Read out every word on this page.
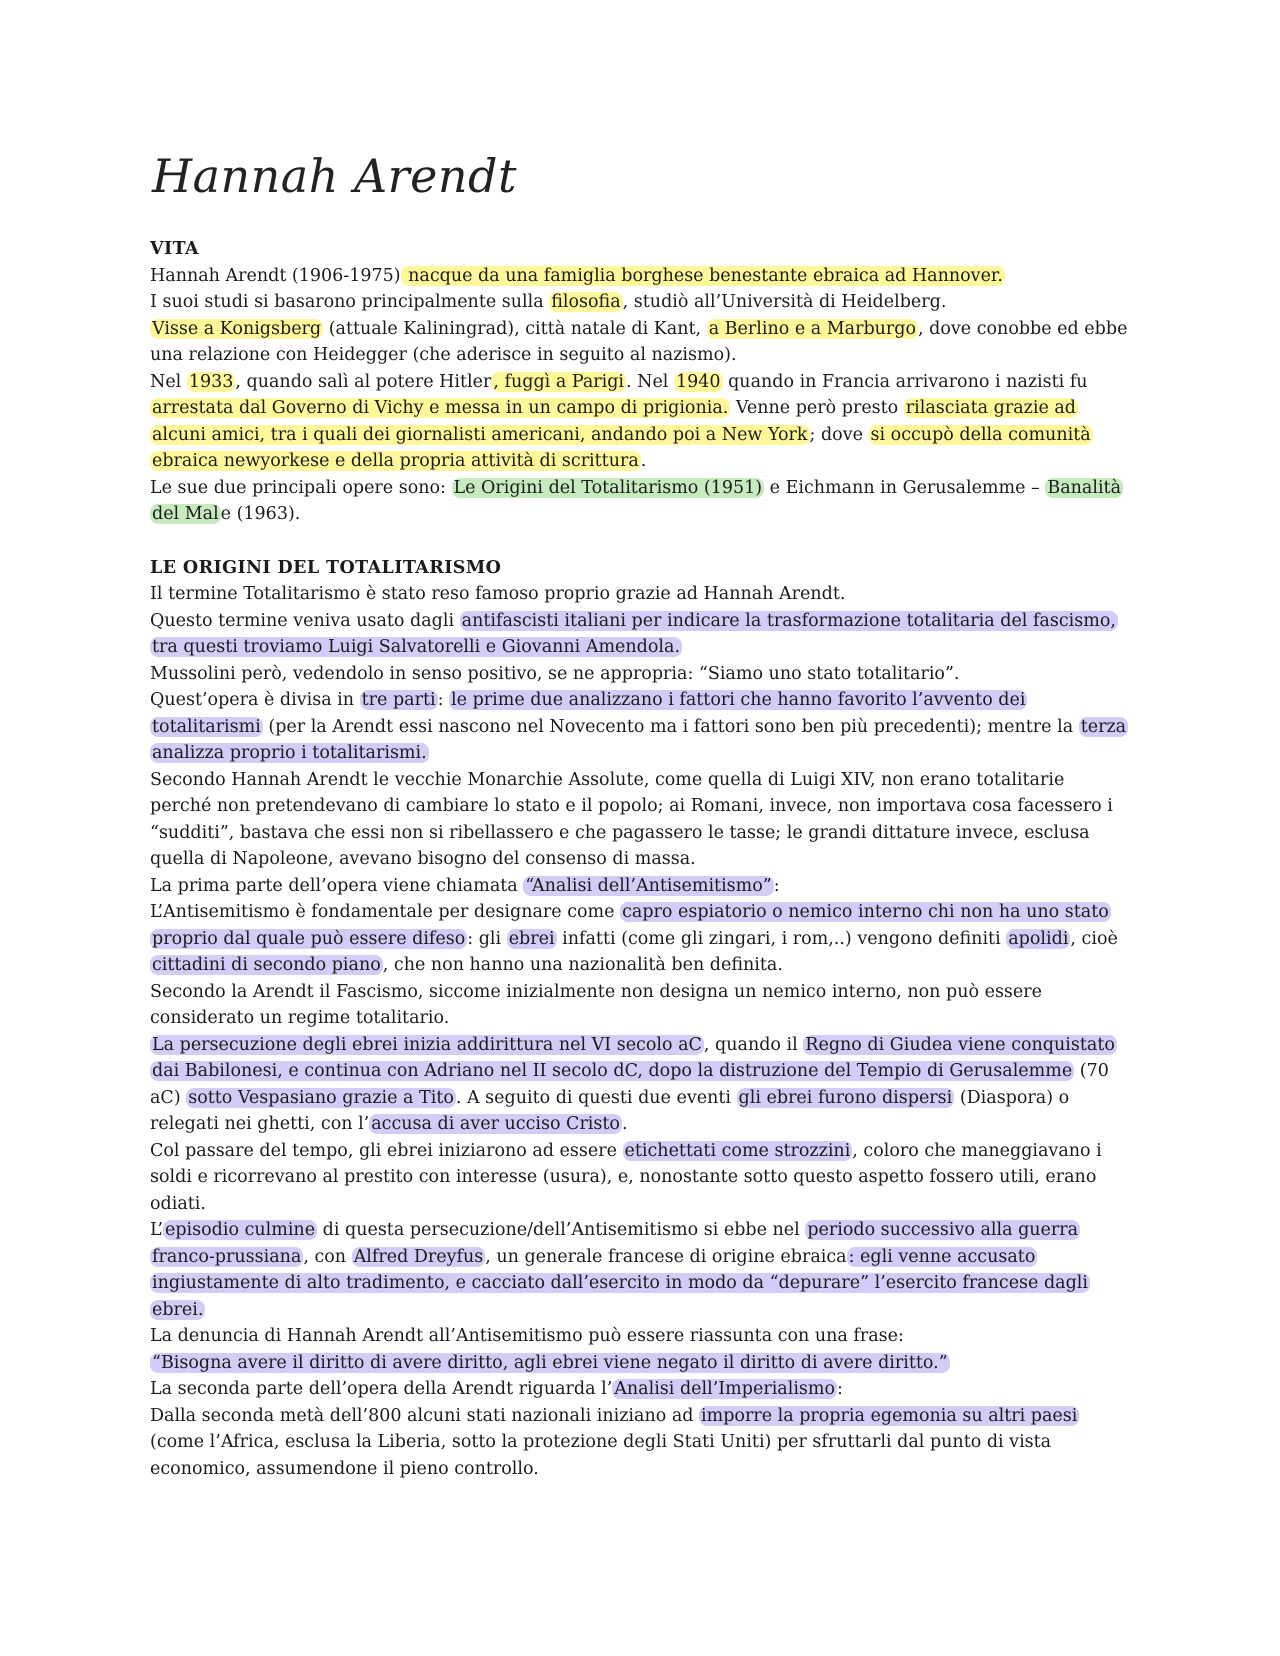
Hannah Arendt
VITA

Hannah Arendt (1906-1975) nacque da una famiglia borghese benestante ebraica ad Hannover.

I suoi studi si basarono principalmente sulla filosofia , studiò all’Università di Heidelberg.

Visse a Konigsberg (attuale Kaliningrad), città natale di Kant, a Berlino e a Marburgo , dove conobbe ed ebbe una relazione con Heidegger (che aderisce in seguito al nazismo).

Nel 1933 , quando salì al potere Hitler , fuggì a Parigi . Nel 1940 quando in Francia arrivarono i nazisti fu arrestata dal Governo di Vichy e messa in un campo di prigionia. Venne però presto rilasciata grazie ad alcuni amici, tra i quali dei giornalisti americani, andando poi a New York ; dove si occupò della comunità ebraica newyorkese e della propria attività di scrittura .

Le sue due principali opere sono: Le Origini del Totalitarismo (1951) e Eichmann in Gerusalemme – Banalità del Mal e (1963).

LE ORIGINI DEL TOTALITARISMO

Il termine Totalitarismo è stato reso famoso proprio grazie ad Hannah Arendt.

Questo termine veniva usato dagli antifascisti italiani per indicare la trasformazione totalitaria del fascismo, tra questi troviamo Luigi Salvatorelli e Giovanni Amendola.

Mussolini però, vedendolo in senso positivo, se ne appropria: “Siamo uno stato totalitario”.

Quest’opera è divisa in tre parti : le prime due analizzano i fattori che hanno favorito l’avvento dei totalitarismi (per la Arendt essi nascono nel Novecento ma i fattori sono ben più precedenti); mentre la terza analizza proprio i totalitarismi.

Secondo Hannah Arendt le vecchie Monarchie Assolute, come quella di Luigi XIV, non erano totalitarie perché non pretendevano di cambiare lo stato e il popolo; ai Romani, invece, non importava cosa facessero i “sudditi”, bastava che essi non si ribellassero e che pagassero le tasse; le grandi dittature invece, esclusa quella di Napoleone, avevano bisogno del consenso di massa.

La prima parte dell’opera viene chiamata “Analisi dell’Antisemitismo” :

L’Antisemitismo è fondamentale per designare come capro espiatorio o nemico interno chi non ha uno stato proprio dal quale può essere difeso : gli ebrei infatti (come gli zingari, i rom,..) vengono definiti apolidi , cioè cittadini di secondo piano , che non hanno una nazionalità ben definita.

Secondo la Arendt il Fascismo, siccome inizialmente non designa un nemico interno, non può essere considerato un regime totalitario.

La persecuzione degli ebrei inizia addirittura nel VI secolo aC , quando il Regno di Giudea viene conquistato dai Babilonesi, e continua con Adriano nel II secolo dC, dopo la distruzione del Tempio di Gerusalemme (70 aC) sotto Vespasiano grazie a Tito . A seguito di questi due eventi gli ebrei furono dispersi (Diaspora) o relegati nei ghetti, con l’ accusa di aver ucciso Cristo .

Col passare del tempo, gli ebrei iniziarono ad essere etichettati come strozzini , coloro che maneggiavano i soldi e ricorrevano al prestito con interesse (usura), e, nonostante sotto questo aspetto fossero utili, erano odiati.

L’ episodio culmine di questa persecuzione/dell’Antisemitismo si ebbe nel periodo successivo alla guerra franco-prussiana , con Alfred Dreyfus , un generale francese di origine ebraica : egli venne accusato ingiustamente di alto tradimento, e cacciato dall’esercito in modo da “depurare” l’esercito francese dagli ebrei.

La denuncia di Hannah Arendt all’Antisemitismo può essere riassunta con una frase:

“Bisogna avere il diritto di avere diritto, agli ebrei viene negato il diritto di avere diritto.”

La seconda parte dell’opera della Arendt riguarda l’ Analisi dell’Imperialismo :

Dalla seconda metà dell’800 alcuni stati nazionali iniziano ad imporre la propria egemonia su altri paesi (come l’Africa, esclusa la Liberia, sotto la protezione degli Stati Uniti) per sfruttarli dal punto di vista economico, assumendone il pieno controllo.
